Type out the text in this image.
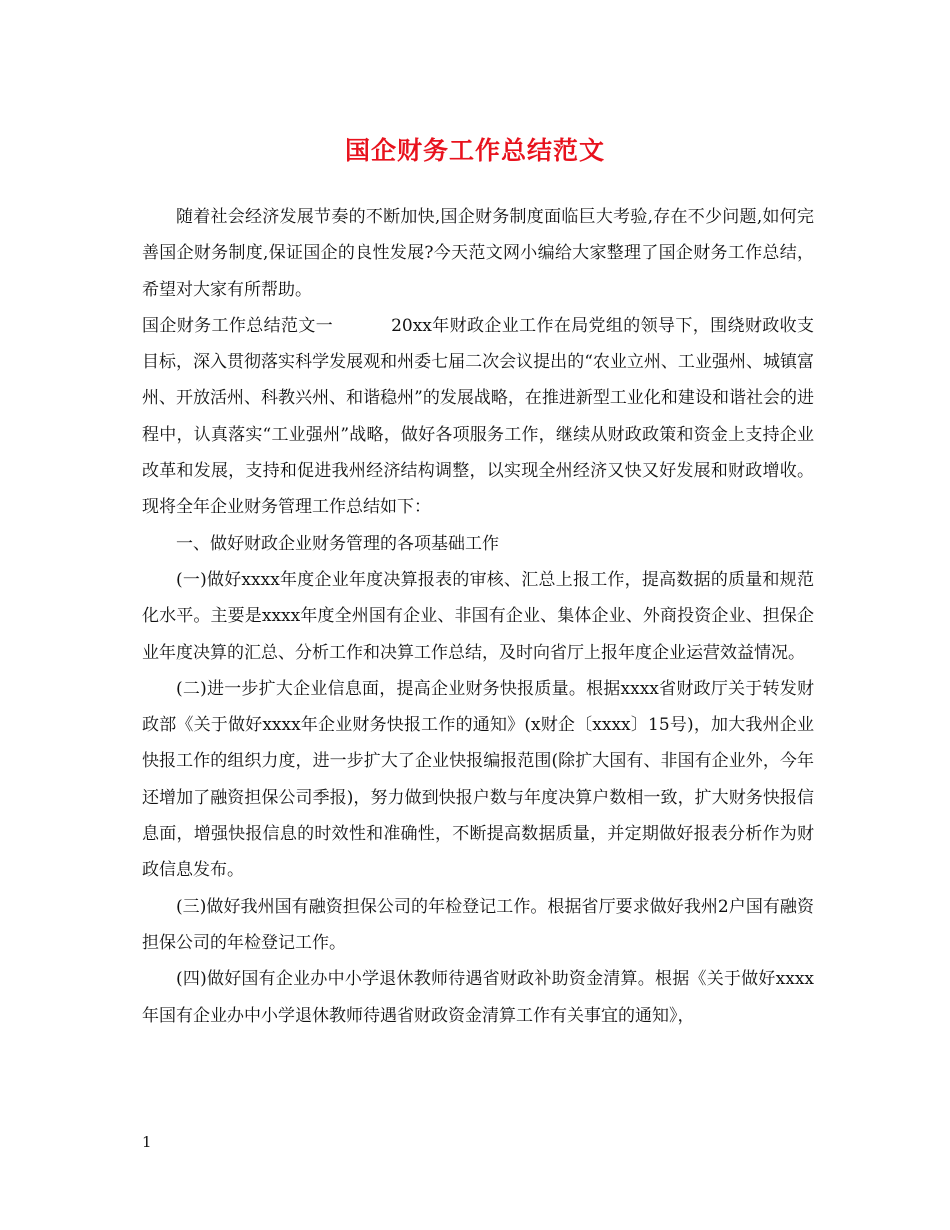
国企财务工作总结范文

随着社会经济发展节奏的不断加快,国企财务制度面临巨大考验,存在不少问题,如何完善国企财务制度,保证国企的良性发展?今天范文网小编给大家整理了国企财务工作总结，希望对大家有所帮助。

国企财务工作总结范文一	20xx年财政企业工作在局党组的领导下，围绕财政收支目标，深入贯彻落实科学发展观和州委七届二次会议提出的“农业立州、工业强州、城镇富州、开放活州、科教兴州、和谐稳州”的发展战略，在推进新型工业化和建设和谐社会的进程中，认真落实“工业强州”战略，做好各项服务工作，继续从财政政策和资金上支持企业改革和发展，支持和促进我州经济结构调整，以实现全州经济又快又好发展和财政增收。现将全年企业财务管理工作总结如下：

一、做好财政企业财务管理的各项基础工作

(一)做好xxxx年度企业年度决算报表的审核、汇总上报工作，提高数据的质量和规范化水平。主要是xxxx年度全州国有企业、非国有企业、集体企业、外商投资企业、担保企业年度决算的汇总、分析工作和决算工作总结，及时向省厅上报年度企业运营效益情况。

(二)进一步扩大企业信息面，提高企业财务快报质量。根据xxxx省财政厅关于转发财政部《关于做好xxxx年企业财务快报工作的通知》(x财企〔xxxx〕15号)，加大我州企业快报工作的组织力度，进一步扩大了企业快报编报范围(除扩大国有、非国有企业外，今年还增加了融资担保公司季报)，努力做到快报户数与年度决算户数相一致，扩大财务快报信息面，增强快报信息的时效性和准确性，不断提高数据质量，并定期做好报表分析作为财政信息发布。

(三)做好我州国有融资担保公司的年检登记工作。根据省厅要求做好我州2户国有融资担保公司的年检登记工作。

(四)做好国有企业办中小学退休教师待遇省财政补助资金清算。根据《关于做好xxxx年国有企业办中小学退休教师待遇省财政资金清算工作有关事宜的通知》，

1
